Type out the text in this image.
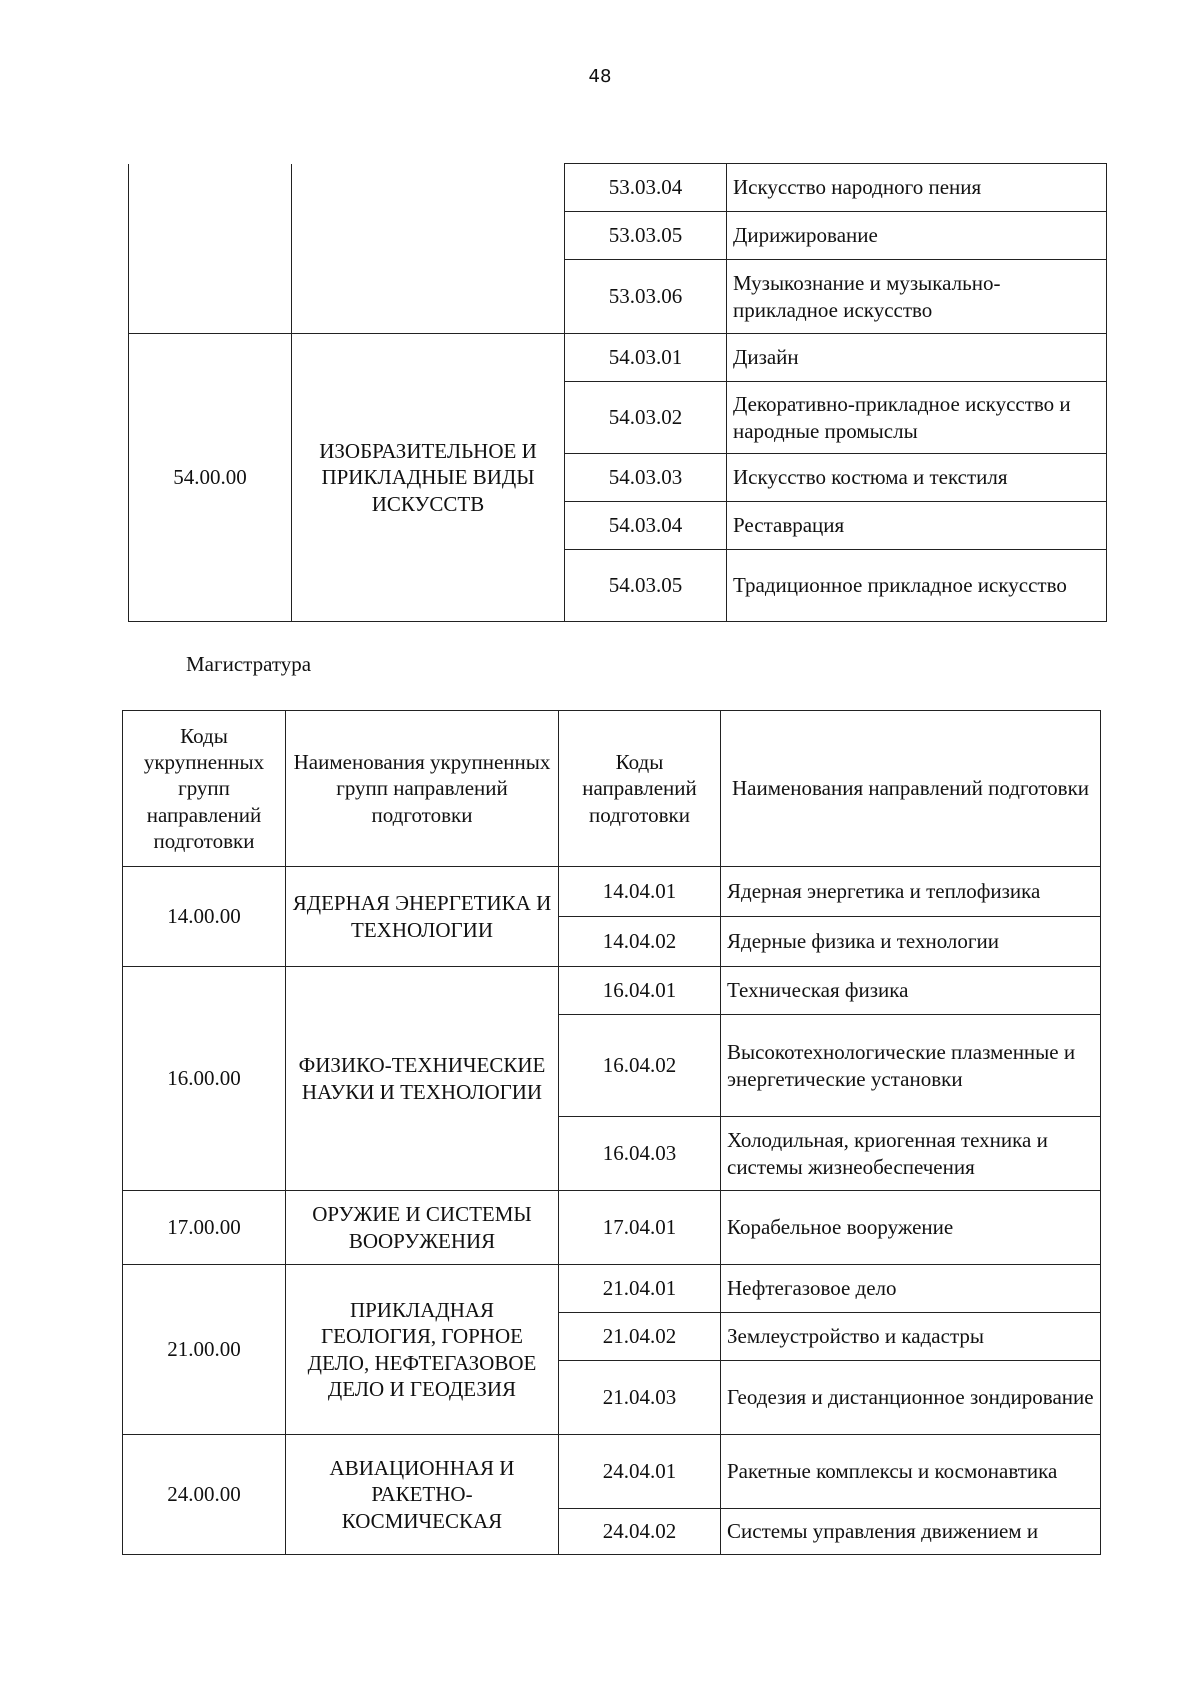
48
		53.03.04	Искусство народного пения
		53.03.05	Дирижирование
		53.03.06	Музыкознание и музыкально-прикладное искусство
54.00.00	ИЗОБРАЗИТЕЛЬНОЕ И ПРИКЛАДНЫЕ ВИДЫ ИСКУССТВ	54.03.01	Дизайн
		54.03.02	Декоративно-прикладное искусство и народные промыслы
		54.03.03	Искусство костюма и текстиля
		54.03.04	Реставрация
		54.03.05	Традиционное прикладное искусство
Магистратура
Коды укрупненных групп направлений подготовки	Наименования укрупненных групп направлений подготовки	Коды направлений подготовки	Наименования направлений подготовки
14.00.00	ЯДЕРНАЯ ЭНЕРГЕТИКА И ТЕХНОЛОГИИ	14.04.01	Ядерная энергетика и теплофизика
		14.04.02	Ядерные физика и технологии
16.00.00	ФИЗИКО-ТЕХНИЧЕСКИЕ НАУКИ И ТЕХНОЛОГИИ	16.04.01	Техническая физика
		16.04.02	Высокотехнологические плазменные и энергетические установки
		16.04.03	Холодильная, криогенная техника и системы жизнеобеспечения
17.00.00	ОРУЖИЕ И СИСТЕМЫ ВООРУЖЕНИЯ	17.04.01	Корабельное вооружение
21.00.00	ПРИКЛАДНАЯ ГЕОЛОГИЯ, ГОРНОЕ ДЕЛО, НЕФТЕГАЗОВОЕ ДЕЛО И ГЕОДЕЗИЯ	21.04.01	Нефтегазовое дело
		21.04.02	Землеустройство и кадастры
		21.04.03	Геодезия и дистанционное зондирование
24.00.00	АВИАЦИОННАЯ И РАКЕТНО-КОСМИЧЕСКАЯ	24.04.01	Ракетные комплексы и космонавтика
		24.04.02	Системы управления движением и
